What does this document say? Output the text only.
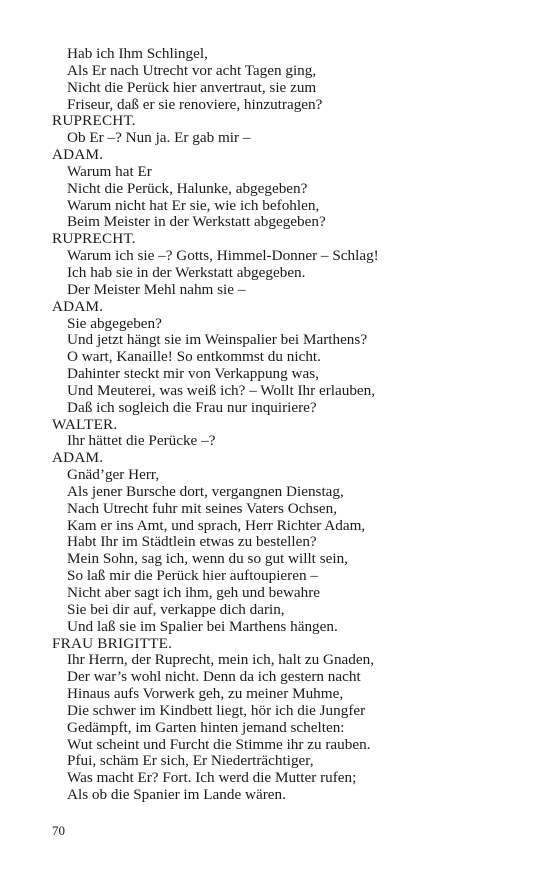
Hab ich Ihm Schlingel,
Als Er nach Utrecht vor acht Tagen ging,
Nicht die Perück hier anvertraut, sie zum
Friseur, daß er sie renoviere, hinzutragen?
RUPRECHT.
Ob Er –? Nun ja. Er gab mir –
ADAM.
Warum hat Er
Nicht die Perück, Halunke, abgegeben?
Warum nicht hat Er sie, wie ich befohlen,
Beim Meister in der Werkstatt abgegeben?
RUPRECHT.
Warum ich sie –? Gotts, Himmel-Donner – Schlag!
Ich hab sie in der Werkstatt abgegeben.
Der Meister Mehl nahm sie –
ADAM.
Sie abgegeben?
Und jetzt hängt sie im Weinspalier bei Marthens?
O wart, Kanaille! So entkommst du nicht.
Dahinter steckt mir von Verkappung was,
Und Meuterei, was weiß ich? – Wollt Ihr erlauben,
Daß ich sogleich die Frau nur inquiriere?
WALTER.
Ihr hättet die Perücke –?
ADAM.
Gnäd’ger Herr,
Als jener Bursche dort, vergangnen Dienstag,
Nach Utrecht fuhr mit seines Vaters Ochsen,
Kam er ins Amt, und sprach, Herr Richter Adam,
Habt Ihr im Städtlein etwas zu bestellen?
Mein Sohn, sag ich, wenn du so gut willt sein,
So laß mir die Perück hier auftoupieren –
Nicht aber sagt ich ihm, geh und bewahre
Sie bei dir auf, verkappe dich darin,
Und laß sie im Spalier bei Marthens hängen.
FRAU BRIGITTE.
Ihr Herrn, der Ruprecht, mein ich, halt zu Gnaden,
Der war’s wohl nicht. Denn da ich gestern nacht
Hinaus aufs Vorwerk geh, zu meiner Muhme,
Die schwer im Kindbett liegt, hör ich die Jungfer
Gedämpft, im Garten hinten jemand schelten:
Wut scheint und Furcht die Stimme ihr zu rauben.
Pfui, schäm Er sich, Er Niederträchtiger,
Was macht Er? Fort. Ich werd die Mutter rufen;
Als ob die Spanier im Lande wären.
70
